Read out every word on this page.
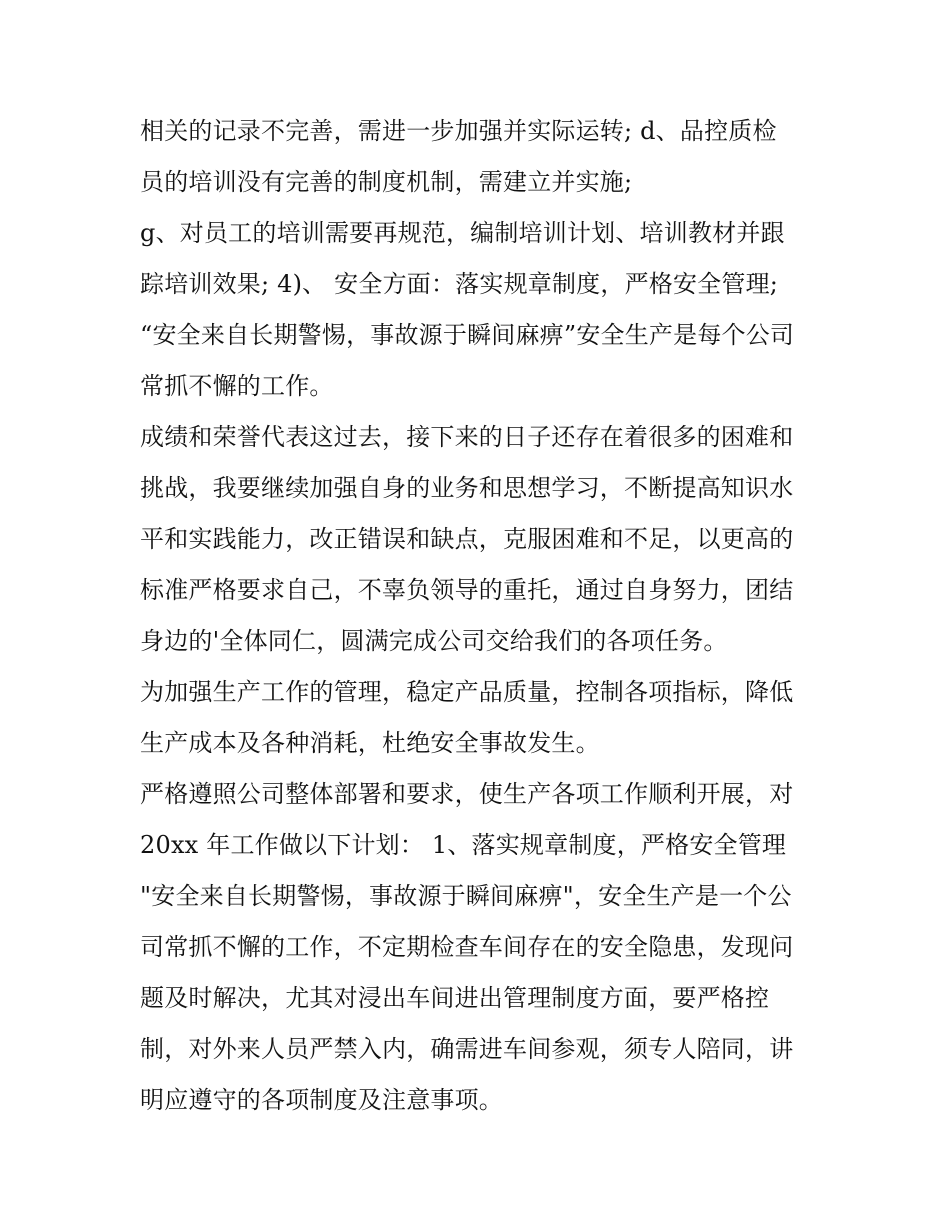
相关的记录不完善，需进一步加强并实际运转; d、品控质检
员的培训没有完善的制度机制，需建立并实施;
g、对员工的培训需要再规范，编制培训计划、培训教材并跟
踪培训效果; 4)、 安全方面：落实规章制度，严格安全管理;
“安全来自长期警惕，事故源于瞬间麻痹”安全生产是每个公司
常抓不懈的工作。
成绩和荣誉代表这过去，接下来的日子还存在着很多的困难和
挑战，我要继续加强自身的业务和思想学习，不断提高知识水
平和实践能力，改正错误和缺点，克服困难和不足，以更高的
标准严格要求自己，不辜负领导的重托，通过自身努力，团结
身边的'全体同仁，圆满完成公司交给我们的各项任务。
为加强生产工作的管理，稳定产品质量，控制各项指标，降低
生产成本及各种消耗，杜绝安全事故发生。
严格遵照公司整体部署和要求，使生产各项工作顺利开展，对
20xx 年工作做以下计划： 1、落实规章制度，严格安全管理
"安全来自长期警惕，事故源于瞬间麻痹"，安全生产是一个公
司常抓不懈的工作，不定期检查车间存在的安全隐患，发现问
题及时解决，尤其对浸出车间进出管理制度方面，要严格控
制，对外来人员严禁入内，确需进车间参观，须专人陪同，讲
明应遵守的各项制度及注意事项。
